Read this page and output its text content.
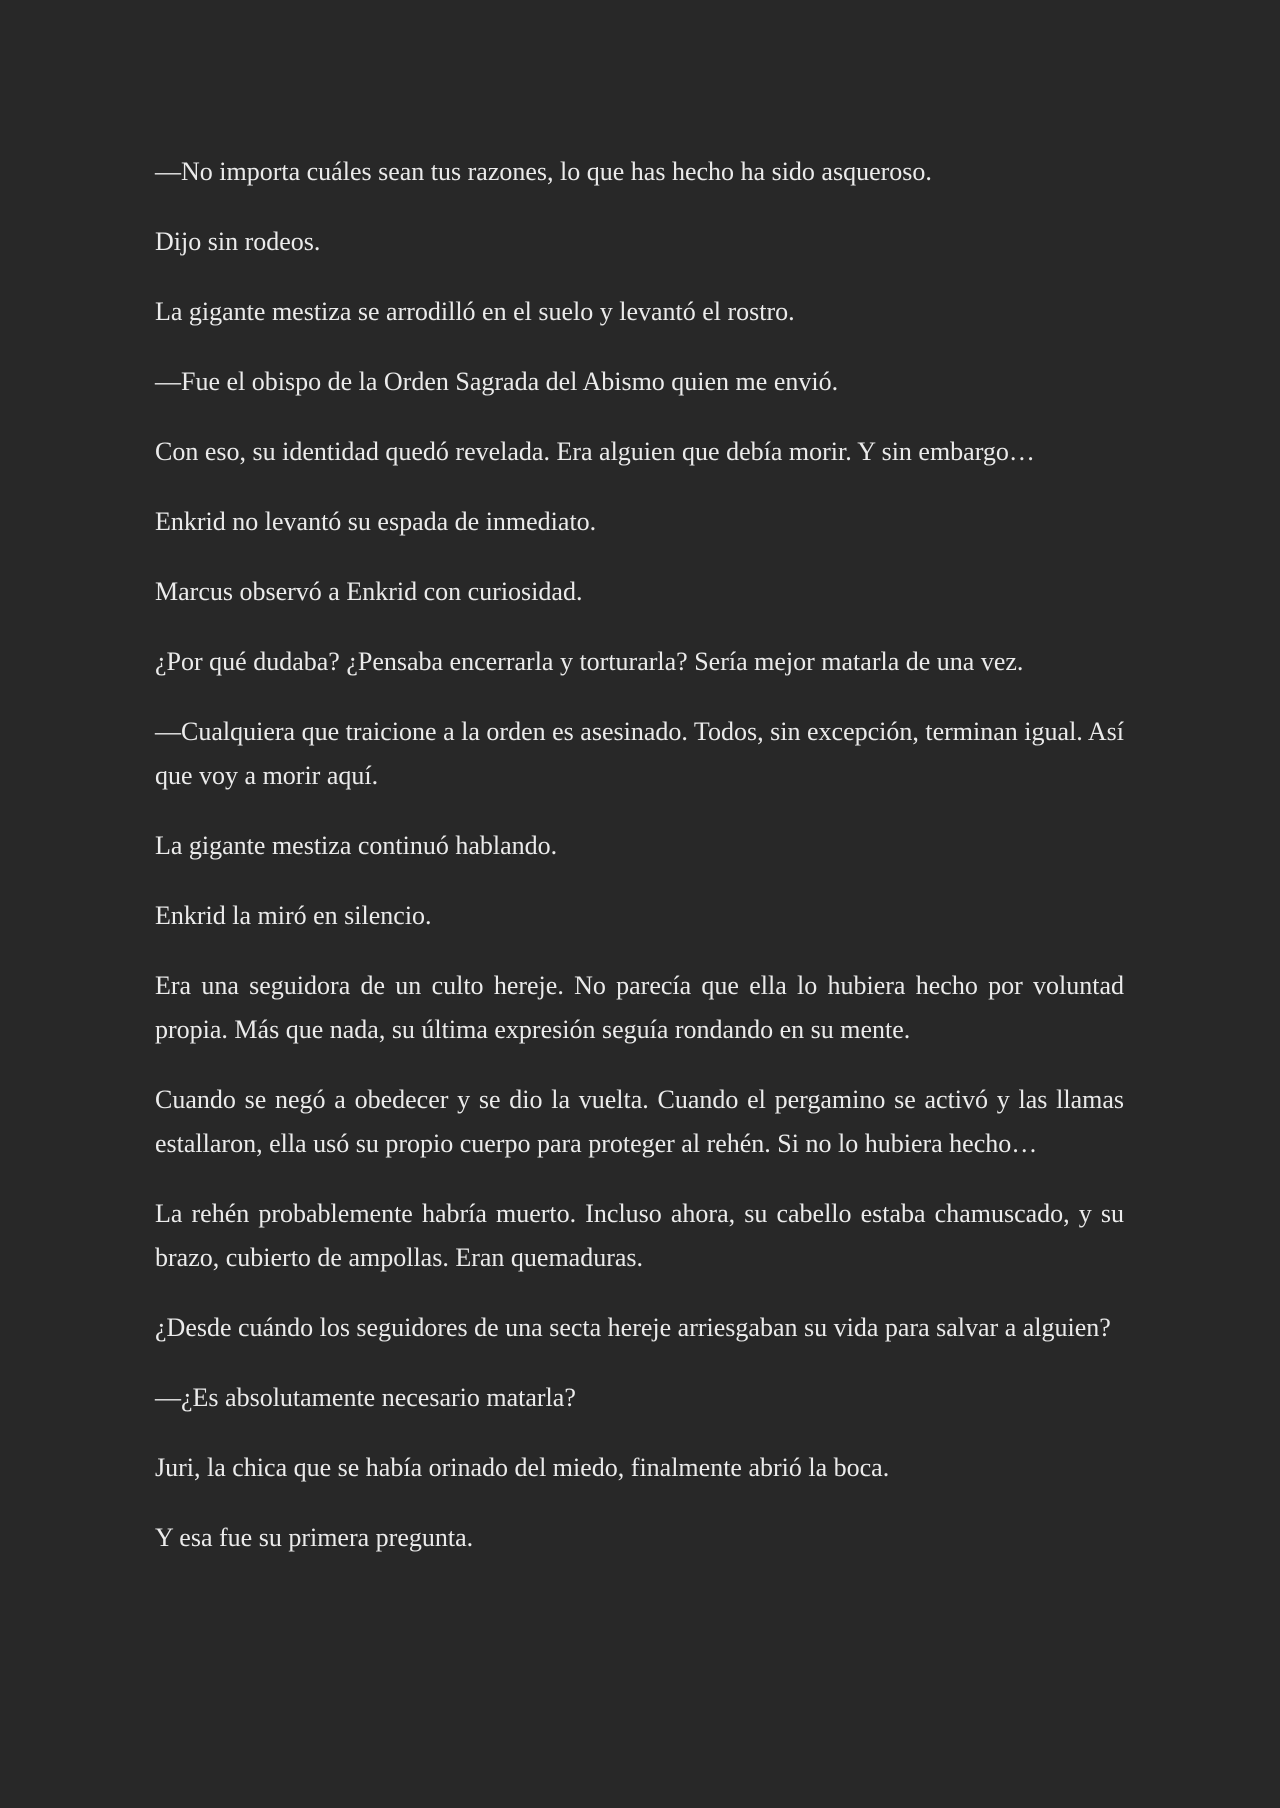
—No importa cuáles sean tus razones, lo que has hecho ha sido asqueroso.

Dijo sin rodeos.

La gigante mestiza se arrodilló en el suelo y levantó el rostro.

—Fue el obispo de la Orden Sagrada del Abismo quien me envió.

Con eso, su identidad quedó revelada. Era alguien que debía morir. Y sin embargo…

Enkrid no levantó su espada de inmediato.

Marcus observó a Enkrid con curiosidad.

¿Por qué dudaba? ¿Pensaba encerrarla y torturarla? Sería mejor matarla de una vez.

—Cualquiera que traicione a la orden es asesinado. Todos, sin excepción, terminan igual. Así que voy a morir aquí.

La gigante mestiza continuó hablando.

Enkrid la miró en silencio.

Era una seguidora de un culto hereje. No parecía que ella lo hubiera hecho por voluntad propia. Más que nada, su última expresión seguía rondando en su mente.

Cuando se negó a obedecer y se dio la vuelta. Cuando el pergamino se activó y las llamas estallaron, ella usó su propio cuerpo para proteger al rehén. Si no lo hubiera hecho…

La rehén probablemente habría muerto. Incluso ahora, su cabello estaba chamuscado, y su brazo, cubierto de ampollas. Eran quemaduras.

¿Desde cuándo los seguidores de una secta hereje arriesgaban su vida para salvar a alguien?

—¿Es absolutamente necesario matarla?

Juri, la chica que se había orinado del miedo, finalmente abrió la boca.

Y esa fue su primera pregunta.
